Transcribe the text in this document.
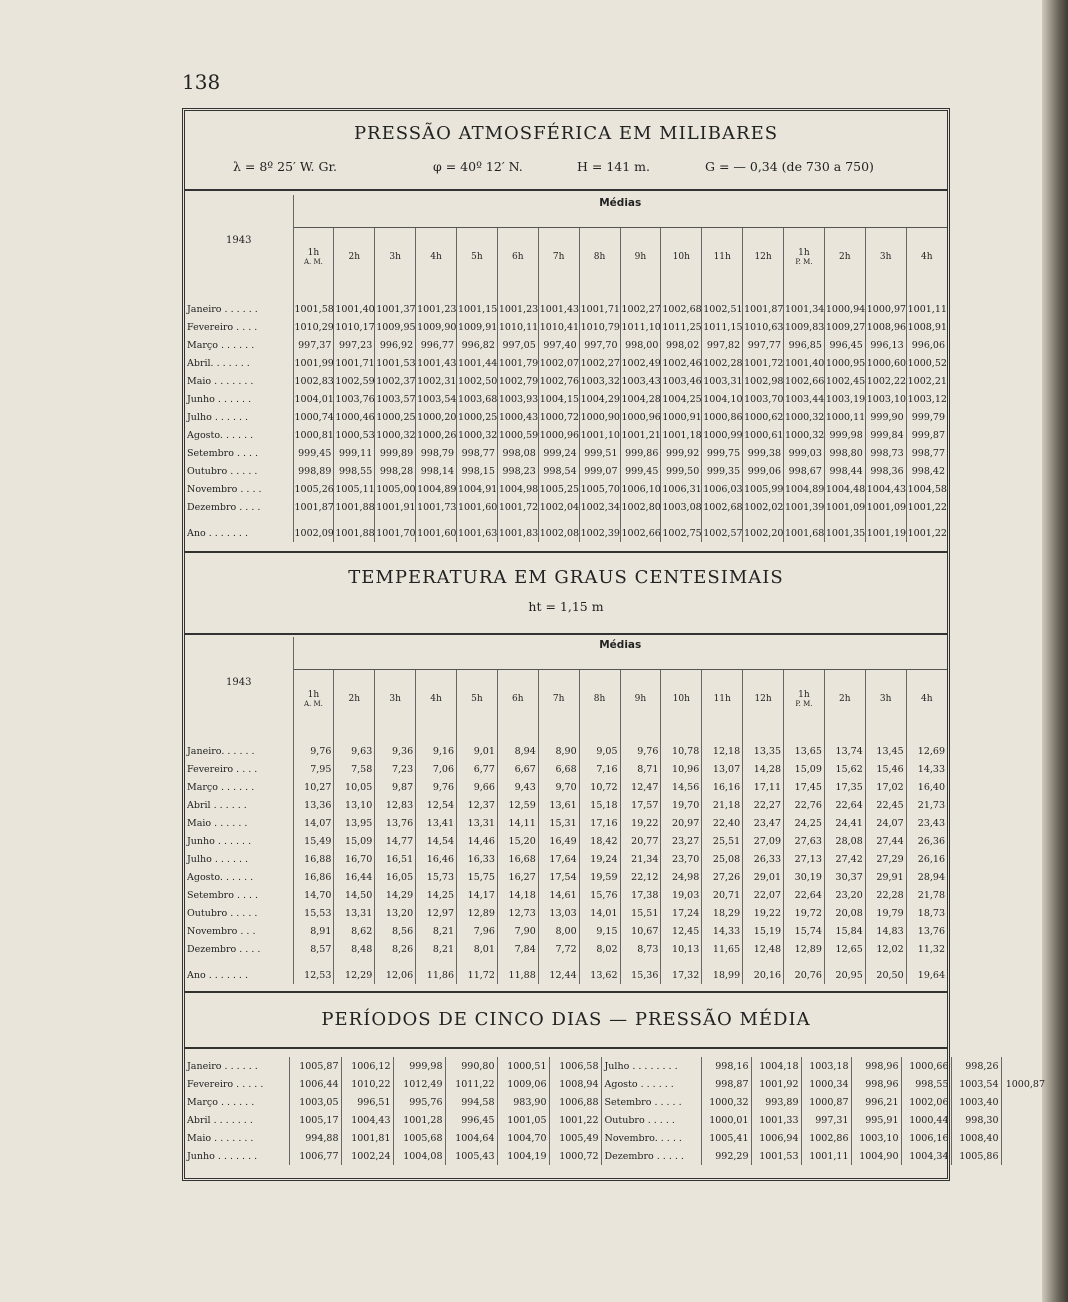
138
PRESSÃO ATMOSFÉRICA EM MILIBARES
λ = 8º 25′ W. Gr.	φ = 40º 12′ N.	H = 141 m.	G = — 0,34 (de 730 a 750)
1943	Médias															
	1h
A. M.	2h	3h	4h	5h	6h	7h	8h	9h	10h	11h	12h	1h
P. M.	2h	3h	4h

Janeiro . . . . . .	1001,58	1001,40	1001,37	1001,23	1001,15	1001,23	1001,43	1001,71	1002,27	1002,68	1002,51	1001,87	1001,34	1000,94	1000,97	1001,11
Fevereiro . . . .	1010,29	1010,17	1009,95	1009,90	1009,91	1010,11	1010,41	1010,79	1011,10	1011,25	1011,15	1010,63	1009,83	1009,27	1008,96	1008,91
Março . . . . . .	997,37	997,23	996,92	996,77	996,82	997,05	997,40	997,70	998,00	998,02	997,82	997,77	996,85	996,45	996,13	996,06
Abril. . . . . . .	1001,99	1001,71	1001,53	1001,43	1001,44	1001,79	1002,07	1002,27	1002,49	1002,46	1002,28	1001,72	1001,40	1000,95	1000,60	1000,52
Maio . . . . . . .	1002,83	1002,59	1002,37	1002,31	1002,50	1002,79	1002,76	1003,32	1003,43	1003,46	1003,31	1002,98	1002,66	1002,45	1002,22	1002,21
Junho . . . . . .	1004,01	1003,76	1003,57	1003,54	1003,68	1003,93	1004,15	1004,29	1004,28	1004,25	1004,10	1003,70	1003,44	1003,19	1003,10	1003,12
Julho . . . . . .	1000,74	1000,46	1000,25	1000,20	1000,25	1000,43	1000,72	1000,90	1000,96	1000,91	1000,86	1000,62	1000,32	1000,11	999,90	999,79
Agosto. . . . . .	1000,81	1000,53	1000,32	1000,26	1000,32	1000,59	1000,96	1001,10	1001,21	1001,18	1000,99	1000,61	1000,32	999,98	999,84	999,87
Setembro . . . .	999,45	999,11	999,89	998,79	998,77	998,08	999,24	999,51	999,86	999,92	999,75	999,38	999,03	998,80	998,73	998,77
Outubro . . . . .	998,89	998,55	998,28	998,14	998,15	998,23	998,54	999,07	999,45	999,50	999,35	999,06	998,67	998,44	998,36	998,42
Novembro . . . .	1005,26	1005,11	1005,00	1004,89	1004,91	1004,98	1005,25	1005,70	1006,10	1006,31	1006,03	1005,99	1004,89	1004,48	1004,43	1004,58
Dezembro . . . .	1001,87	1001,88	1001,91	1001,73	1001,60	1001,72	1002,04	1002,34	1002,80	1003,08	1002,68	1002,02	1001,39	1001,09	1001,09	1001,22

Ano . . . . . . .	1002,09	1001,88	1001,70	1001,60	1001,63	1001,83	1002,08	1002,39	1002,66	1002,75	1002,57	1002,20	1001,68	1001,35	1001,19	1001,22
TEMPERATURA EM GRAUS CENTESIMAIS
ht = 1,15 m
1943	Médias															
	1h
A. M.	2h	3h	4h	5h	6h	7h	8h	9h	10h	11h	12h	1h
P. M.	2h	3h	4h

Janeiro. . . . . .	9,76	9,63	9,36	9,16	9,01	8,94	8,90	9,05	9,76	10,78	12,18	13,35	13,65	13,74	13,45	12,69
Fevereiro . . . .	7,95	7,58	7,23	7,06	6,77	6,67	6,68	7,16	8,71	10,96	13,07	14,28	15,09	15,62	15,46	14,33
Março . . . . . .	10,27	10,05	9,87	9,76	9,66	9,43	9,70	10,72	12,47	14,56	16,16	17,11	17,45	17,35	17,02	16,40
Abril . . . . . .	13,36	13,10	12,83	12,54	12,37	12,59	13,61	15,18	17,57	19,70	21,18	22,27	22,76	22,64	22,45	21,73
Maio . . . . . .	14,07	13,95	13,76	13,41	13,31	14,11	15,31	17,16	19,22	20,97	22,40	23,47	24,25	24,41	24,07	23,43
Junho . . . . . .	15,49	15,09	14,77	14,54	14,46	15,20	16,49	18,42	20,77	23,27	25,51	27,09	27,63	28,08	27,44	26,36
Julho . . . . . .	16,88	16,70	16,51	16,46	16,33	16,68	17,64	19,24	21,34	23,70	25,08	26,33	27,13	27,42	27,29	26,16
Agosto. . . . . .	16,86	16,44	16,05	15,73	15,75	16,27	17,54	19,59	22,12	24,98	27,26	29,01	30,19	30,37	29,91	28,94
Setembro . . . .	14,70	14,50	14,29	14,25	14,17	14,18	14,61	15,76	17,38	19,03	20,71	22,07	22,64	23,20	22,28	21,78
Outubro . . . . .	15,53	13,31	13,20	12,97	12,89	12,73	13,03	14,01	15,51	17,24	18,29	19,22	19,72	20,08	19,79	18,73
Novembro . . .	8,91	8,62	8,56	8,21	7,96	7,90	8,00	9,15	10,67	12,45	14,33	15,19	15,74	15,84	14,83	13,76
Dezembro . . . .	8,57	8,48	8,26	8,21	8,01	7,84	7,72	8,02	8,73	10,13	11,65	12,48	12,89	12,65	12,02	11,32

Ano . . . . . . .	12,53	12,29	12,06	11,86	11,72	11,88	12,44	13,62	15,36	17,32	18,99	20,16	20,76	20,95	20,50	19,64
PERÍODOS DE CINCO DIAS — PRESSÃO MÉDIA
Janeiro . . . . . .	1005,87	1006,12	999,98	990,80	1000,51	1006,58	Julho . . . . . . . .	998,16	1004,18	1003,18	998,96	1000,66	998,26	
Fevereiro . . . . .	1006,44	1010,22	1012,49	1011,22	1009,06	1008,94	Agosto . . . . . .	998,87	1001,92	1000,34	998,96	998,55	1003,54	1000,87
Março . . . . . .	1003,05	996,51	995,76	994,58	983,90	1006,88	Setembro . . . . .	1000,32	993,89	1000,87	996,21	1002,06	1003,40	
Abril . . . . . . .	1005,17	1004,43	1001,28	996,45	1001,05	1001,22	Outubro . . . . .	1000,01	1001,33	997,31	995,91	1000,44	998,30	
Maio . . . . . . .	994,88	1001,81	1005,68	1004,64	1004,70	1005,49	Novembro. . . . .	1005,41	1006,94	1002,86	1003,10	1006,16	1008,40	
Junho . . . . . . .	1006,77	1002,24	1004,08	1005,43	1004,19	1000,72	Dezembro . . . . .	992,29	1001,53	1001,11	1004,90	1004,34	1005,86	
